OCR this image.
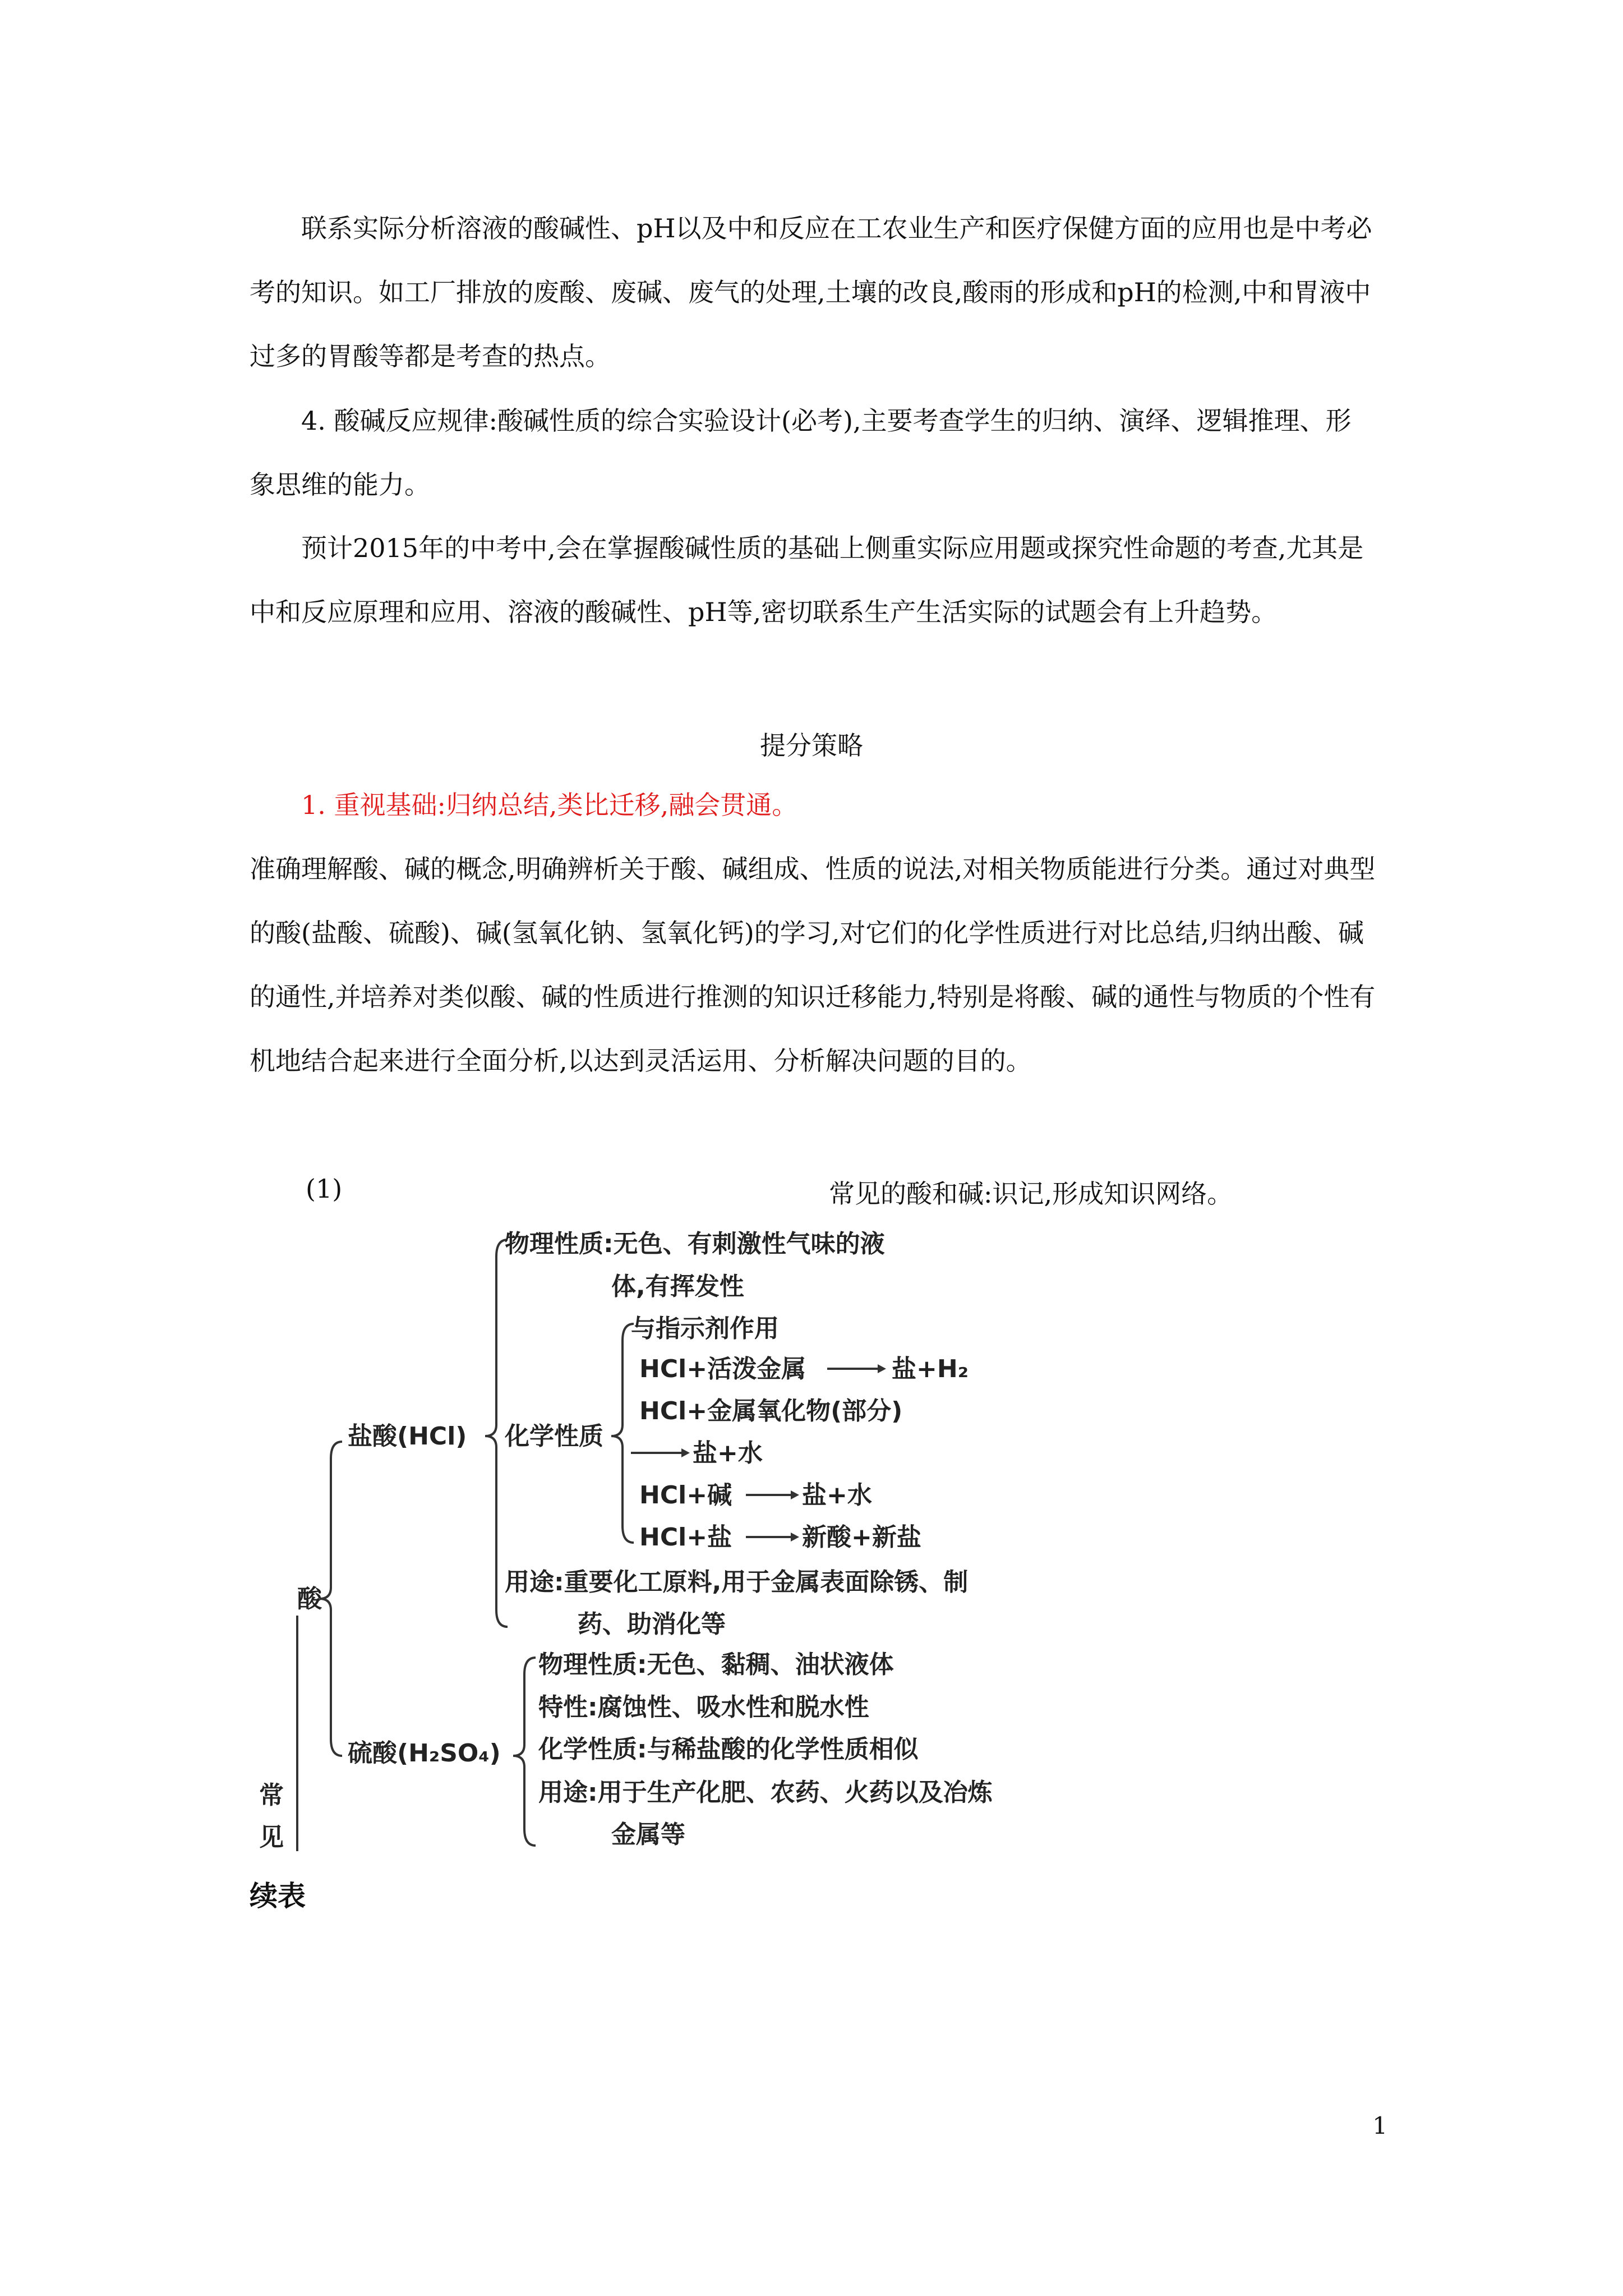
联系实际分析溶液的酸碱性、pH以及中和反应在工农业生产和医疗保健方面的应用也是中考必考的知识。如工厂排放的废酸、废碱、废气的处理,土壤的改良,酸雨的形成和pH的检测,中和胃液中过多的胃酸等都是考查的热点。

4. 酸碱反应规律:酸碱性质的综合实验设计(必考),主要考查学生的归纳、演绎、逻辑推理、形象思维的能力。

预计2015年的中考中,会在掌握酸碱性质的基础上侧重实际应用题或探究性命题的考查,尤其是中和反应原理和应用、溶液的酸碱性、pH等,密切联系生产生活实际的试题会有上升趋势。

提分策略

1. 重视基础:归纳总结,类比迁移,融会贯通。

准确理解酸、碱的概念,明确辨析关于酸、碱组成、性质的说法,对相关物质能进行分类。通过对典型的酸(盐酸、硫酸)、碱(氢氧化钠、氢氧化钙)的学习,对它们的化学性质进行对比总结,归纳出酸、碱的通性,并培养对类似酸、碱的性质进行推测的知识迁移能力,特别是将酸、碱的通性与物质的个性有机地结合起来进行全面分析,以达到灵活运用、分析解决问题的目的。

(1)	常见的酸和碱:识记,形成知识网络。
常
见
酸
盐酸(HCl)
硫酸(H₂SO₄)
物理性质:无色、有刺激性气味的液
体,有挥发性
化学性质
与指示剂作用
HCl+活泼金属	盐+H₂
HCl+金属氧化物(部分)
盐+水
HCl+碱	盐+水
HCl+盐	新酸+新盐
用途:重要化工原料,用于金属表面除锈、制
药、助消化等
物理性质:无色、黏稠、油状液体
特性:腐蚀性、吸水性和脱水性
化学性质:与稀盐酸的化学性质相似
用途:用于生产化肥、农药、火药以及冶炼
金属等
续表
1
